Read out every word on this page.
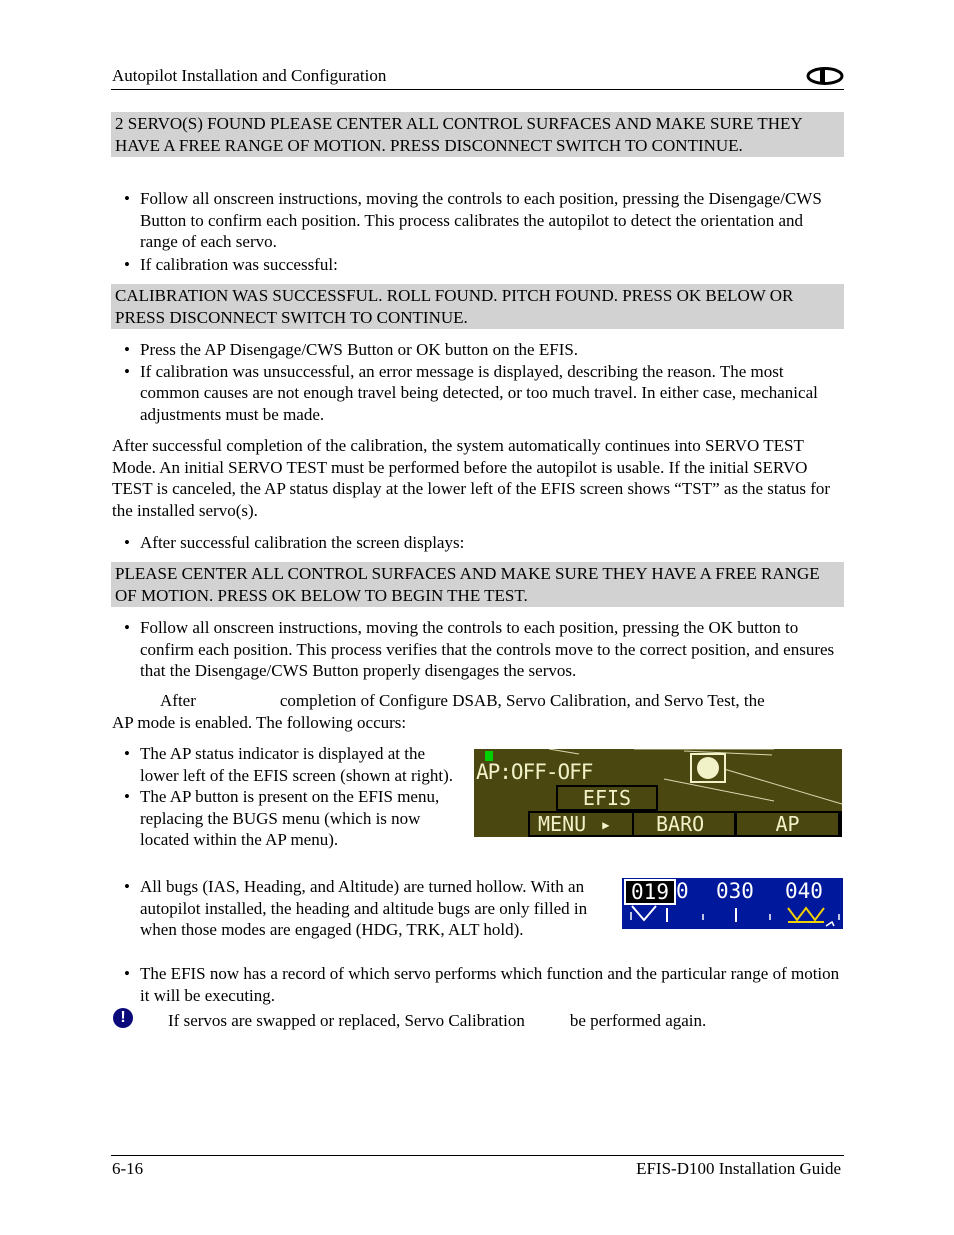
Autopilot Installation and Configuration
2 SERVO(S) FOUND PLEASE CENTER ALL CONTROL SURFACES AND MAKE SURE THEY HAVE A FREE RANGE OF MOTION. PRESS DISCONNECT SWITCH TO CONTINUE.
• Follow all onscreen instructions, moving the controls to each position, pressing the Disengage/CWS Button to confirm each position. This process calibrates the autopilot to detect the orientation and range of each servo.
• If calibration was successful:
CALIBRATION WAS SUCCESSFUL. ROLL FOUND. PITCH FOUND. PRESS OK BELOW OR PRESS DISCONNECT SWITCH TO CONTINUE.
• Press the AP Disengage/CWS Button or OK button on the EFIS.
• If calibration was unsuccessful, an error message is displayed, describing the reason. The most common causes are not enough travel being detected, or too much travel. In either case, mechanical adjustments must be made.
After successful completion of the calibration, the system automatically continues into SERVO TEST Mode. An initial SERVO TEST must be performed before the autopilot is usable. If the initial SERVO TEST is canceled, the AP status display at the lower left of the EFIS screen shows “TST” as the status for the installed servo(s).
• After successful calibration the screen displays:
PLEASE CENTER ALL CONTROL SURFACES AND MAKE SURE THEY HAVE A FREE RANGE OF MOTION. PRESS OK BELOW TO BEGIN THE TEST.
• Follow all onscreen instructions, moving the controls to each position, pressing the OK button to confirm each position. This process verifies that the controls move to the correct position, and ensures that the Disengage/CWS Button properly disengages the servos.
After	completion of Configure DSAB, Servo Calibration, and Servo Test, the
AP mode is enabled. The following occurs:
• The AP status indicator is displayed at the lower left of the EFIS screen (shown at right).
• The AP button is present on the EFIS menu, replacing the BUGS menu (which is now located within the AP menu).
AP:OFF-OFF
EFIS
MENU ▶	BARO	AP
• All bugs (IAS, Heading, and Altitude) are turned hollow. With an autopilot installed, the heading and altitude bugs are only filled in when those modes are engaged (HDG, TRK, ALT hold).
019 0 030 040
• The EFIS now has a record of which servo performs which function and the particular range of motion it will be executing.
!	If servos are swapped or replaced, Servo Calibration	be performed again.
6-16	EFIS-D100 Installation Guide
